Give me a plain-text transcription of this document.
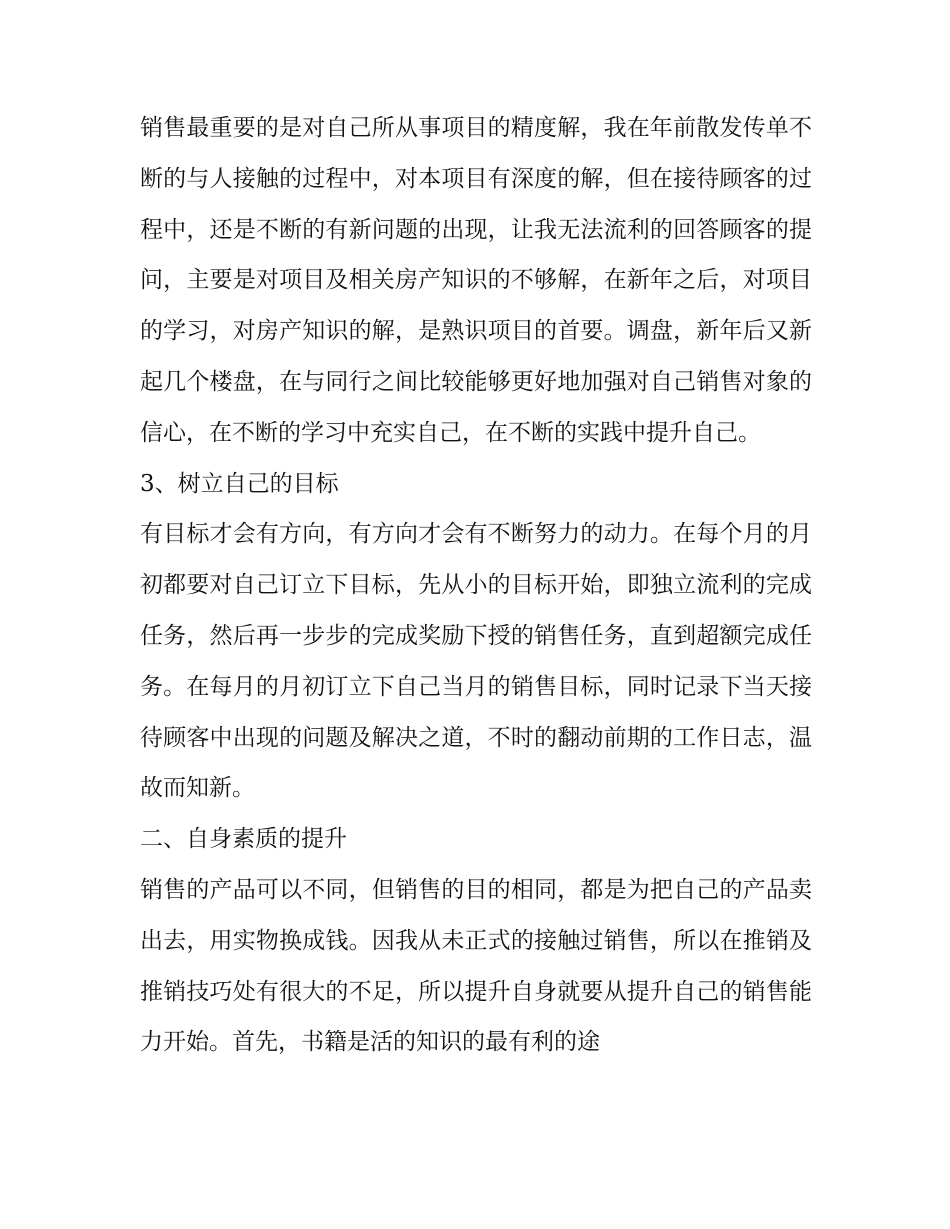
销售最重要的是对自己所从事项目的精度解，我在年前散发传单不断的与人接触的过程中，对本项目有深度的解，但在接待顾客的过程中，还是不断的有新问题的出现，让我无法流利的回答顾客的提问，主要是对项目及相关房产知识的不够解，在新年之后，对项目的学习，对房产知识的解，是熟识项目的首要。调盘，新年后又新起几个楼盘，在与同行之间比较能够更好地加强对自己销售对象的信心，在不断的学习中充实自己，在不断的实践中提升自己。

3、树立自己的目标

有目标才会有方向，有方向才会有不断努力的动力。在每个月的月初都要对自己订立下目标，先从小的目标开始，即独立流利的完成任务，然后再一步步的完成奖励下授的销售任务，直到超额完成任务。在每月的月初订立下自己当月的销售目标，同时记录下当天接待顾客中出现的问题及解决之道，不时的翻动前期的工作日志，温故而知新。

二、自身素质的提升

销售的产品可以不同，但销售的目的相同，都是为把自己的产品卖出去，用实物换成钱。因我从未正式的接触过销售，所以在推销及推销技巧处有很大的不足，所以提升自身就要从提升自己的销售能力开始。首先，书籍是活的知识的最有利的途
